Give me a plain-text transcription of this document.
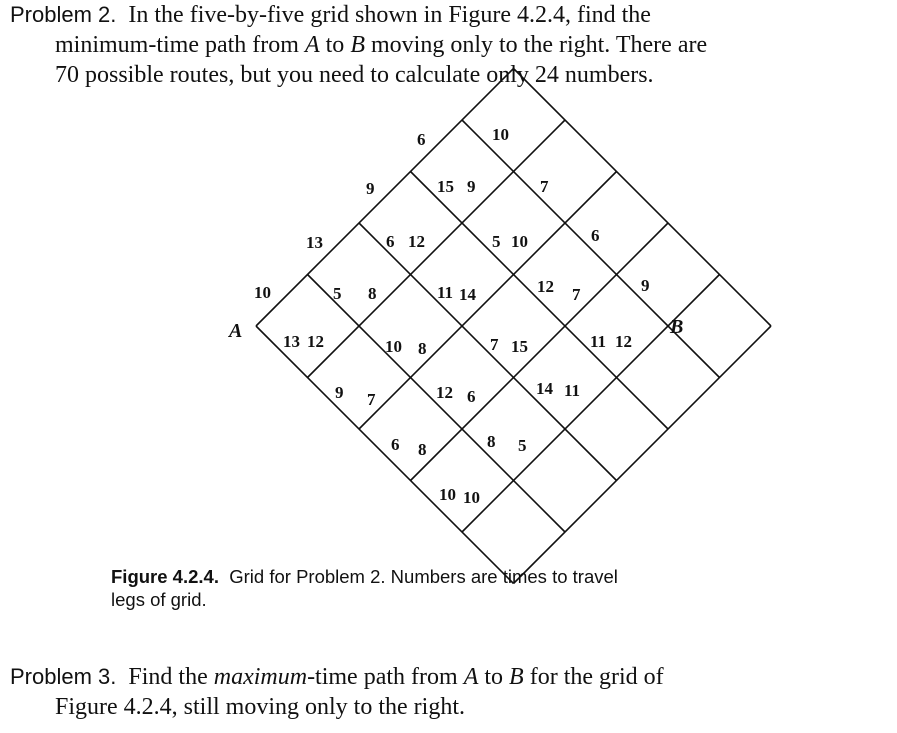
Problem 2. In the five-by-five grid shown in Figure 4.2.4, find the
minimum-time path from A to B moving only to the right. There are
70 possible routes, but you need to calculate only 24 numbers.
6	10
9	15 9	7
13	6 12	5 10	6
10	5 8	11 14	12 7	9
13 12	10 8	7 15	11 12
9 7	12 6	14 11
6 8	8 5
10 10
A	B
Figure 4.2.4. Grid for Problem 2. Numbers are times to travel
legs of grid.
Problem 3. Find the maximum-time path from A to B for the grid of
Figure 4.2.4, still moving only to the right.
